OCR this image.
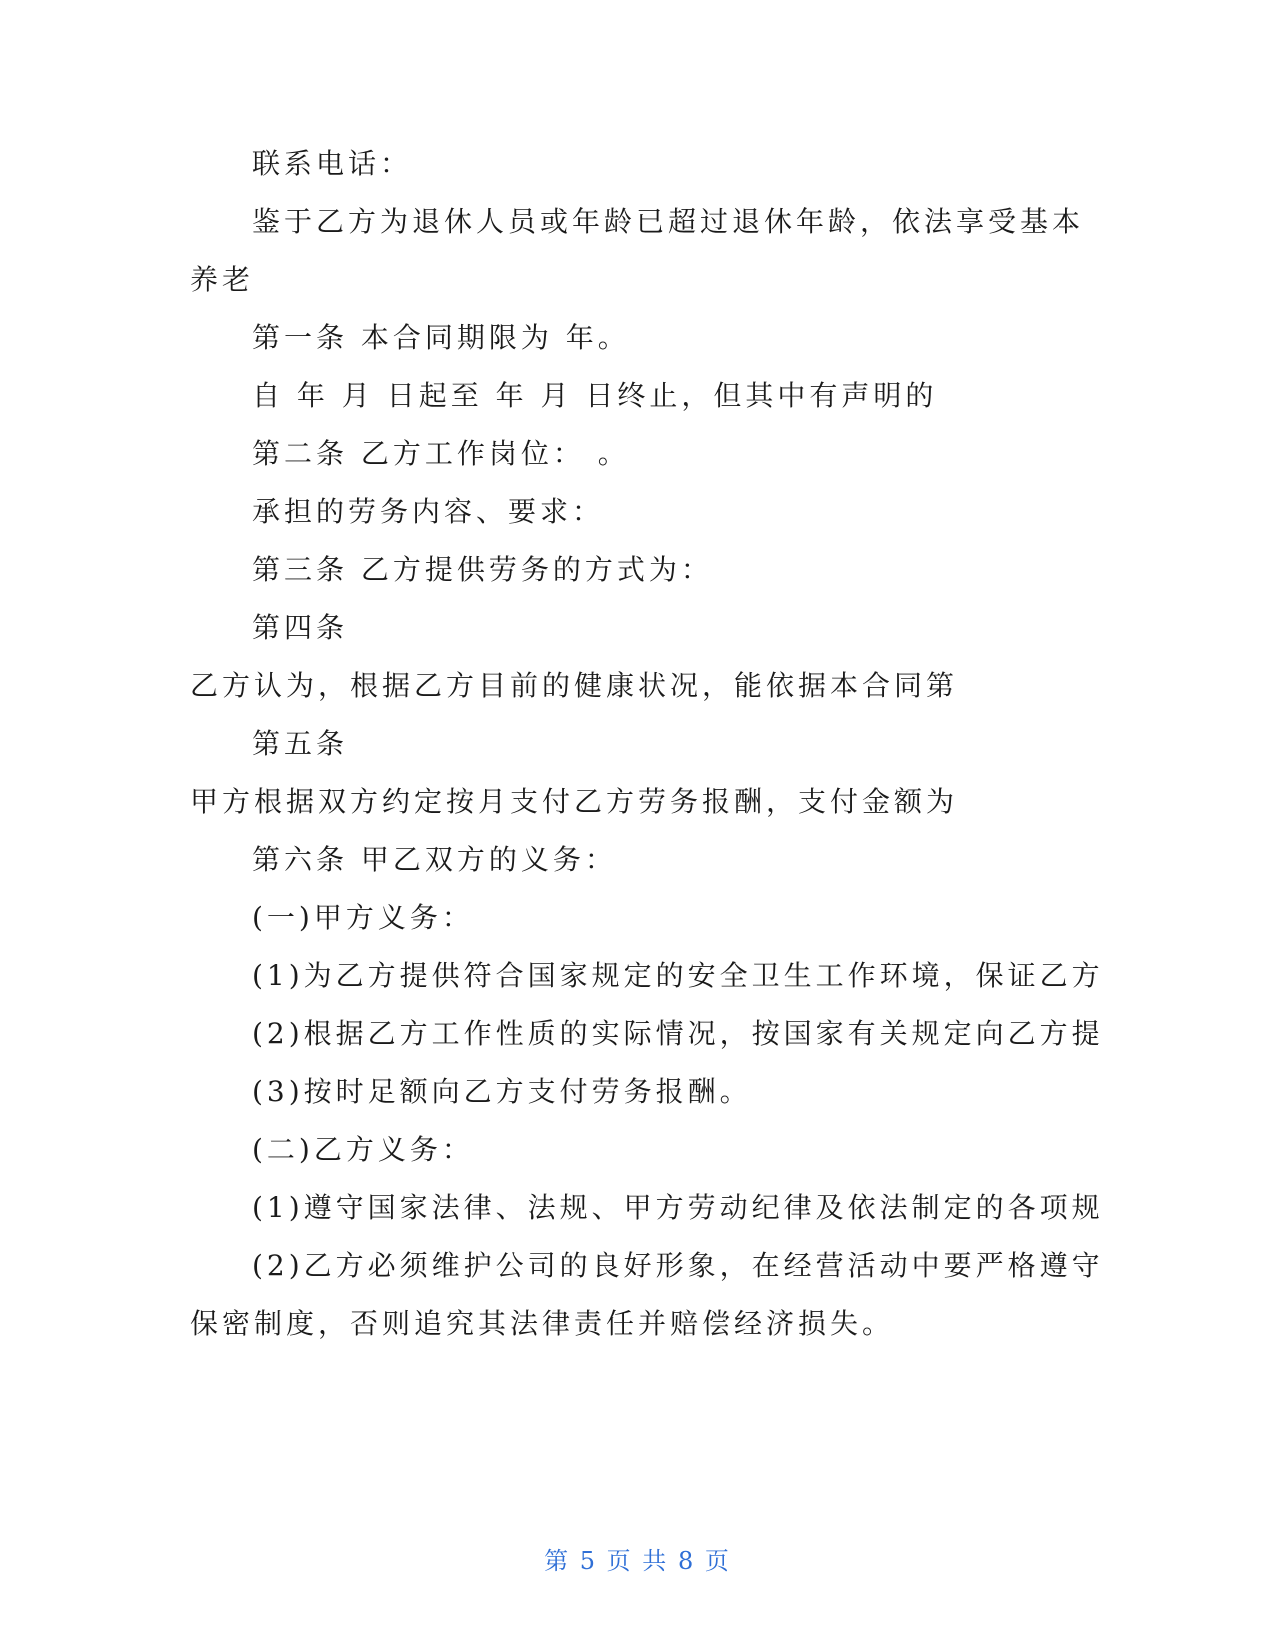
联系电话：
鉴于乙方为退休人员或年龄已超过退休年龄，依法享受基本
养老
第一条 本合同期限为 年。
自 年 月 日起至 年 月 日终止，但其中有声明的
第二条 乙方工作岗位： 。
承担的劳务内容、要求：
第三条 乙方提供劳务的方式为：
第四条
乙方认为，根据乙方目前的健康状况，能依据本合同第
第五条
甲方根据双方约定按月支付乙方劳务报酬，支付金额为
第六条 甲乙双方的义务：
(一)甲方义务：
(1)为乙方提供符合国家规定的安全卫生工作环境，保证乙方
(2)根据乙方工作性质的实际情况，按国家有关规定向乙方提
(3)按时足额向乙方支付劳务报酬。
(二)乙方义务：
(1)遵守国家法律、法规、甲方劳动纪律及依法制定的各项规
(2)乙方必须维护公司的良好形象，在经营活动中要严格遵守
保密制度，否则追究其法律责任并赔偿经济损失。
第 5 页 共 8 页
